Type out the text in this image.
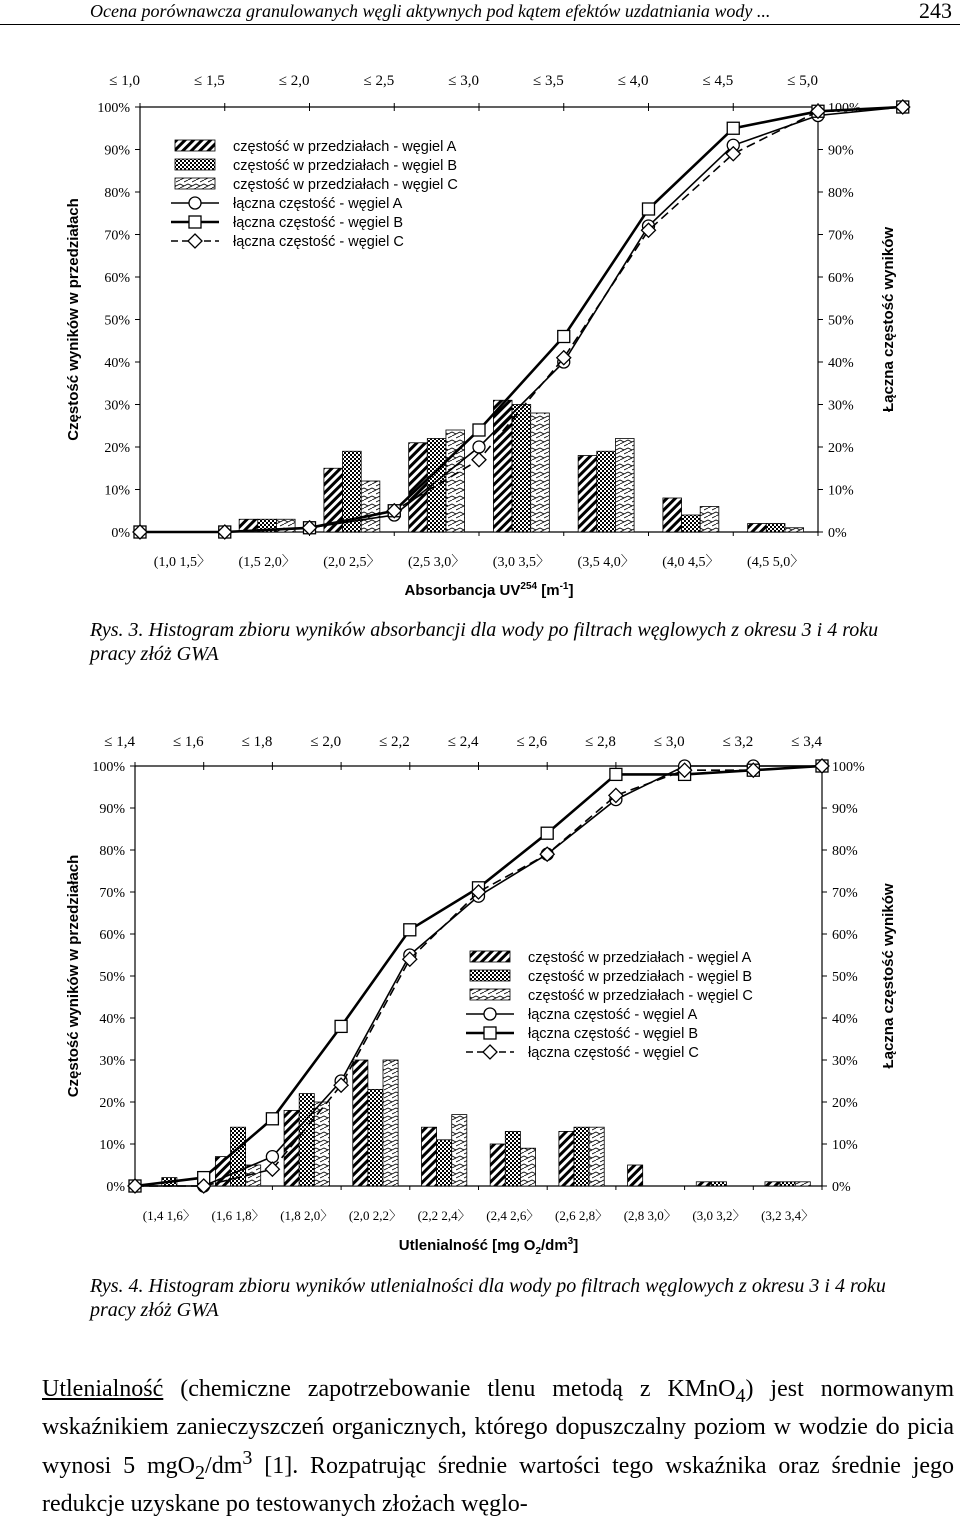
Ocena porównawcza granulowanych węgli aktywnych pod kątem efektów uzdatniania wody ...	243
0%	0%
10%	10%
20%	20%
30%	30%
40%	40%
50%	50%
60%	60%
70%	70%
80%	80%
90%	90%
100%	100%
≤ 1,0	≤ 1,5	≤ 2,0	≤ 2,5	≤ 3,0	≤ 3,5	≤ 4,0	≤ 4,5	≤ 5,0
(1,0 1,5〉 (1,5 2,0〉 (2,0 2,5〉 (2,5 3,0〉 (3,0 3,5〉 (3,5 4,0〉 (4,0 4,5〉 (4,5 5,0〉
częstość w przedziałach - węgiel A
częstość w przedziałach - węgiel B
częstość w przedziałach - węgiel C
łączna częstość - węgiel A
łączna częstość - węgiel B
łączna częstość - węgiel C
Częstość wyników w przedziałach	Łączna częstość wyników
Absorbancja UV$^{254}$ $[m^{-1}]$
Rys. 3. Histogram zbioru wyników absorbancji dla wody po filtrach węglowych z okresu 3 i 4 roku pracy złóż GWA
0%	0%
10%	10%
20%	20%
30%	30%
40%	40%
50%	50%
60%	60%
70%	70%
80%	80%
90%	90%
100%	100%
≤ 1,4	≤ 1,6	≤ 1,8	≤ 2,0	≤ 2,2	≤ 2,4	≤ 2,6	≤ 2,8	≤ 3,0	≤ 3,2	≤ 3,4
(1,4 1,6〉 (1,6 1,8〉 (1,8 2,0〉 (2,0 2,2〉 (2,2 2,4〉 (2,4 2,6〉 (2,6 2,8〉 (2,8 3,0〉 (3,0 3,2〉 (3,2 3,4〉
częstość w przedziałach - węgiel A
częstość w przedziałach - węgiel B
częstość w przedziałach - węgiel C
łączna częstość - węgiel A
łączna częstość - węgiel B
łączna częstość - węgiel C
Częstość wyników w przedziałach	Łączna częstość wyników
Utlenialność [mg $O_2/dm^3$]
Rys. 4. Histogram zbioru wyników utlenialności dla wody po filtrach węglowych z okresu 3 i 4 roku pracy złóż GWA
Utlenialność (chemiczne zapotrzebowanie tlenu metodą z KMnO$_4$) jest normowanym wskaźnikiem zanieczyszczeń organicznych, którego dopuszczalny poziom w wodzie do picia wynosi 5 $mgO_2/dm^3$ [1]. Rozpatrując średnie wartości tego wskaźnika oraz średnie jego redukcje uzyskane po testowanych złożach węglo-
